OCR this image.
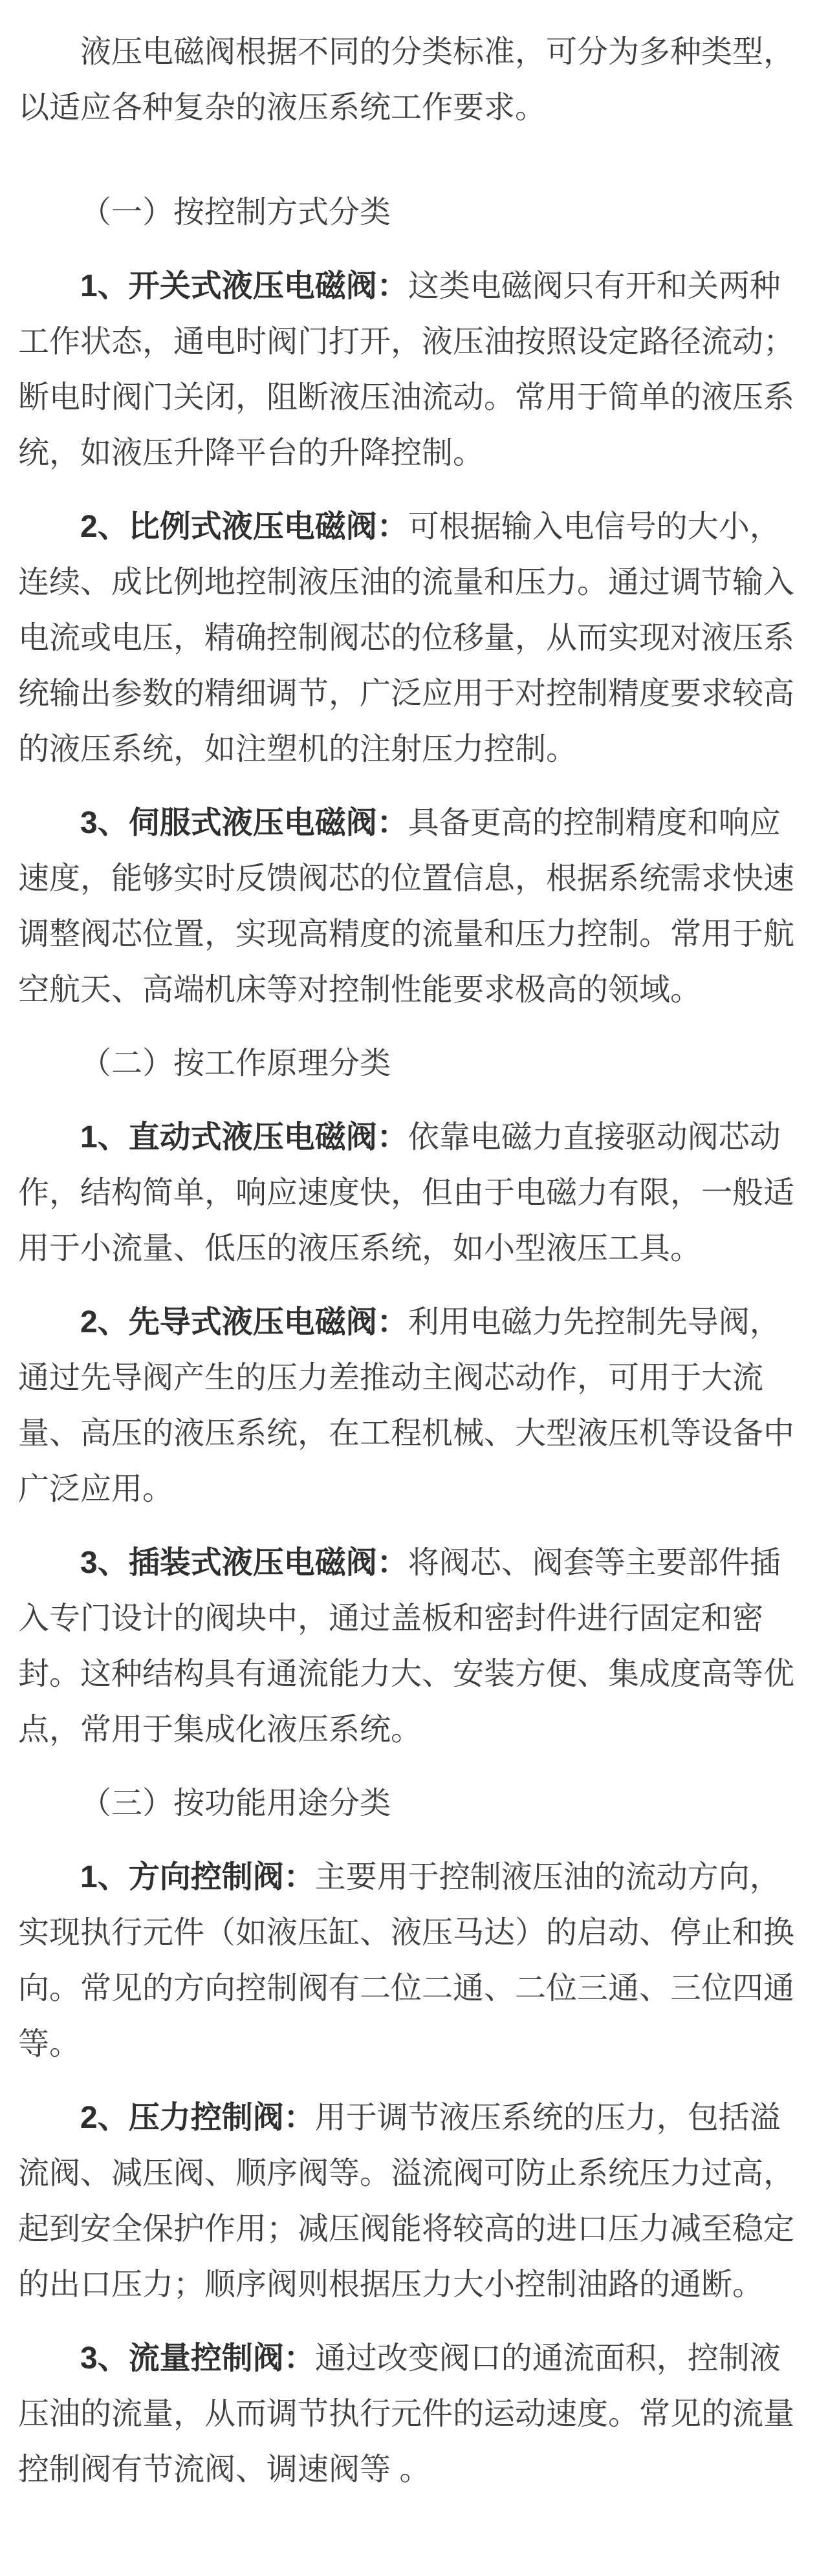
液压电磁阀根据不同的分类标准，可分为多种类型，以适应各种复杂的液压系统工作要求。

（一）按控制方式分类

1、开关式液压电磁阀：这类电磁阀只有开和关两种工作状态，通电时阀门打开，液压油按照设定路径流动；断电时阀门关闭，阻断液压油流动。常用于简单的液压系统，如液压升降平台的升降控制。

2、比例式液压电磁阀：可根据输入电信号的大小，连续、成比例地控制液压油的流量和压力。通过调节输入电流或电压，精确控制阀芯的位移量，从而实现对液压系统输出参数的精细调节，广泛应用于对控制精度要求较高的液压系统，如注塑机的注射压力控制。

3、伺服式液压电磁阀：具备更高的控制精度和响应速度，能够实时反馈阀芯的位置信息，根据系统需求快速调整阀芯位置，实现高精度的流量和压力控制。常用于航空航天、高端机床等对控制性能要求极高的领域。

（二）按工作原理分类

1、直动式液压电磁阀：依靠电磁力直接驱动阀芯动作，结构简单，响应速度快，但由于电磁力有限，一般适用于小流量、低压的液压系统，如小型液压工具。

2、先导式液压电磁阀：利用电磁力先控制先导阀，通过先导阀产生的压力差推动主阀芯动作，可用于大流量、高压的液压系统，在工程机械、大型液压机等设备中广泛应用。

3、插装式液压电磁阀：将阀芯、阀套等主要部件插入专门设计的阀块中，通过盖板和密封件进行固定和密封。这种结构具有通流能力大、安装方便、集成度高等优点，常用于集成化液压系统。

（三）按功能用途分类

1、方向控制阀：主要用于控制液压油的流动方向，实现执行元件（如液压缸、液压马达）的启动、停止和换向。常见的方向控制阀有二位二通、二位三通、三位四通等。

2、压力控制阀：用于调节液压系统的压力，包括溢流阀、减压阀、顺序阀等。溢流阀可防止系统压力过高，起到安全保护作用；减压阀能将较高的进口压力减至稳定的出口压力；顺序阀则根据压力大小控制油路的通断。

3、流量控制阀：通过改变阀口的通流面积，控制液压油的流量，从而调节执行元件的运动速度。常见的流量控制阀有节流阀、调速阀等 。
